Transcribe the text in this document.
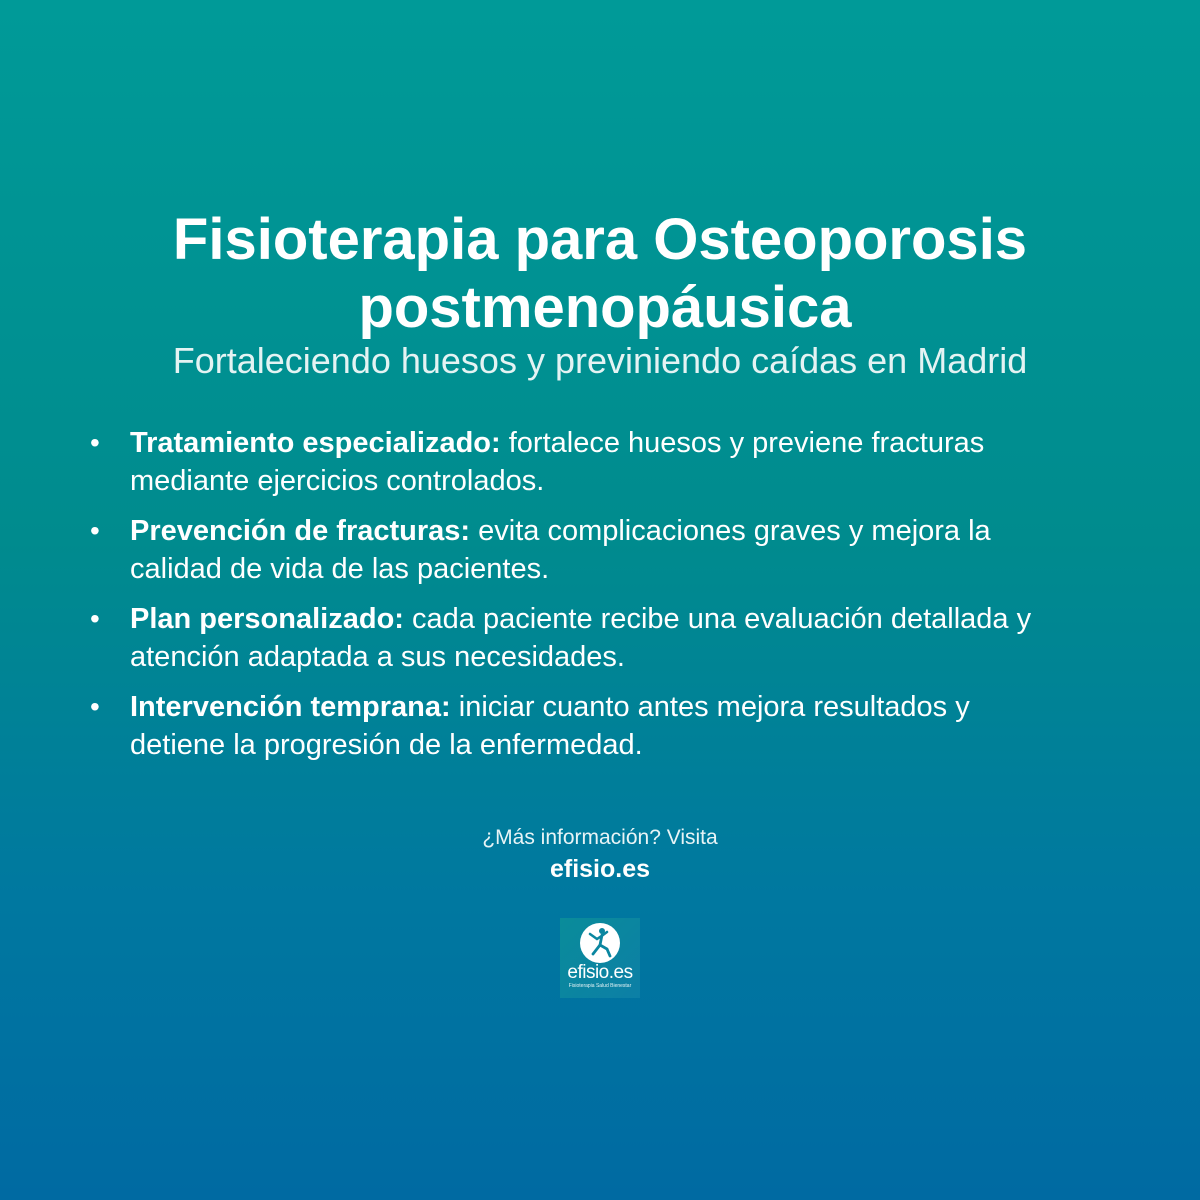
Fisioterapia para Osteoporosis
postmenopáusica

Fortaleciendo huesos y previniendo caídas en Madrid

• Tratamiento especializado: fortalece huesos y previene fracturas mediante ejercicios controlados.
• Prevención de fracturas: evita complicaciones graves y mejora la calidad de vida de las pacientes.
• Plan personalizado: cada paciente recibe una evaluación detallada y atención adaptada a sus necesidades.
• Intervención temprana: iniciar cuanto antes mejora resultados y detiene la progresión de la enfermedad.
¿Más información? Visita
efisio.es
efisio.es
Fisioterapia Salud Bienestar
